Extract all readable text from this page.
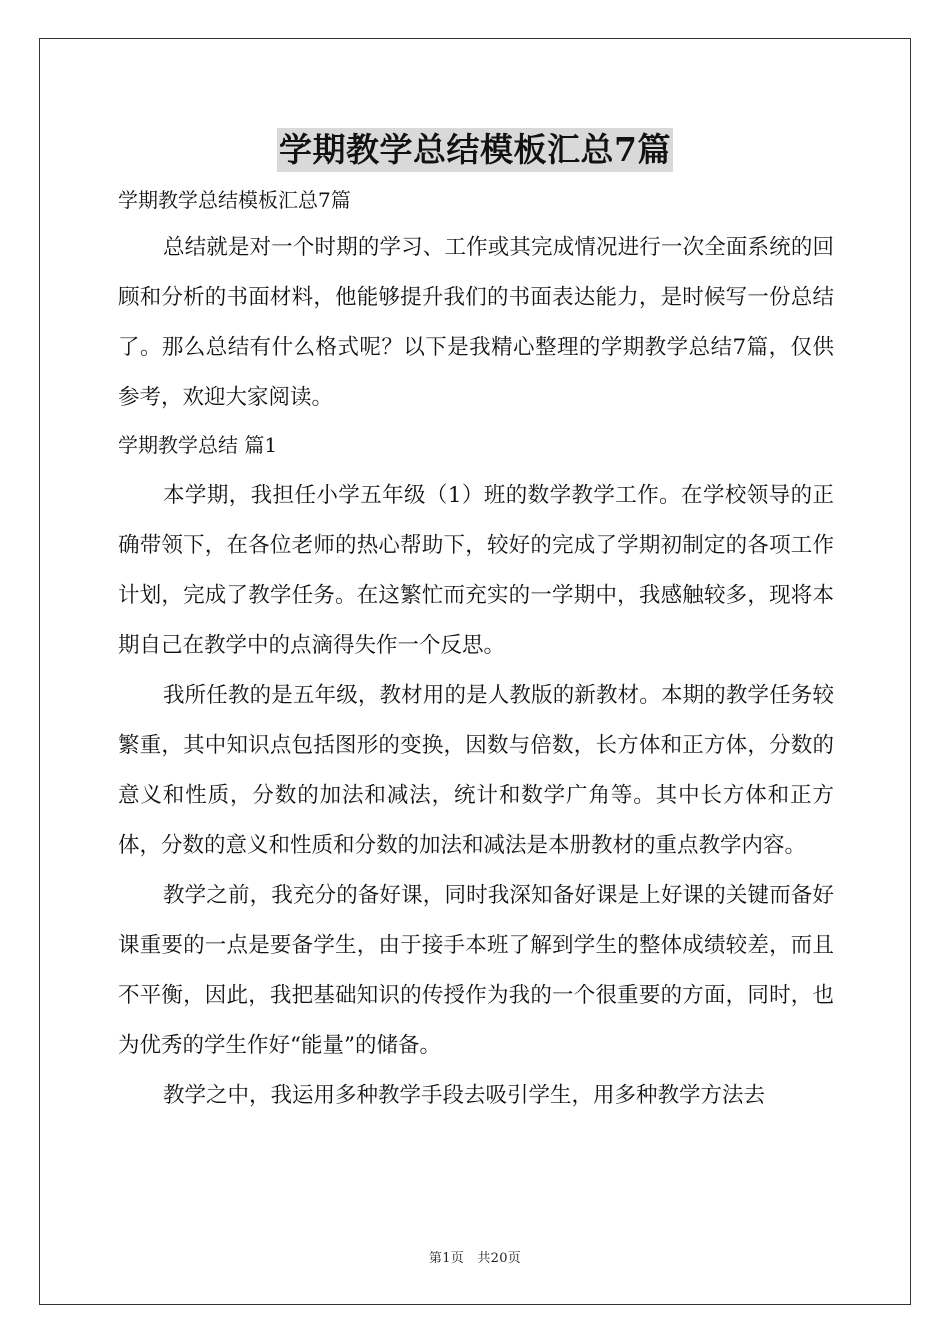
学期教学总结模板汇总7篇

学期教学总结模板汇总7篇

总结就是对一个时期的学习、工作或其完成情况进行一次全面系统的回顾和分析的书面材料，他能够提升我们的书面表达能力，是时候写一份总结了。那么总结有什么格式呢？以下是我精心整理的学期教学总结7篇，仅供参考，欢迎大家阅读。

学期教学总结 篇1

本学期，我担任小学五年级（1）班的数学教学工作。在学校领导的正确带领下，在各位老师的热心帮助下，较好的完成了学期初制定的各项工作计划，完成了教学任务。在这繁忙而充实的一学期中，我感触较多，现将本期自己在教学中的点滴得失作一个反思。

我所任教的是五年级，教材用的是人教版的新教材。本期的教学任务较繁重，其中知识点包括图形的变换，因数与倍数，长方体和正方体，分数的意义和性质，分数的加法和减法，统计和数学广角等。其中长方体和正方体，分数的意义和性质和分数的加法和减法是本册教材的重点教学内容。

教学之前，我充分的备好课，同时我深知备好课是上好课的关键而备好课重要的一点是要备学生，由于接手本班了解到学生的整体成绩较差，而且不平衡，因此，我把基础知识的传授作为我的一个很重要的方面，同时，也为优秀的学生作好“能量”的储备。

教学之中，我运用多种教学手段去吸引学生，用多种教学方法去

第1页　共20页
